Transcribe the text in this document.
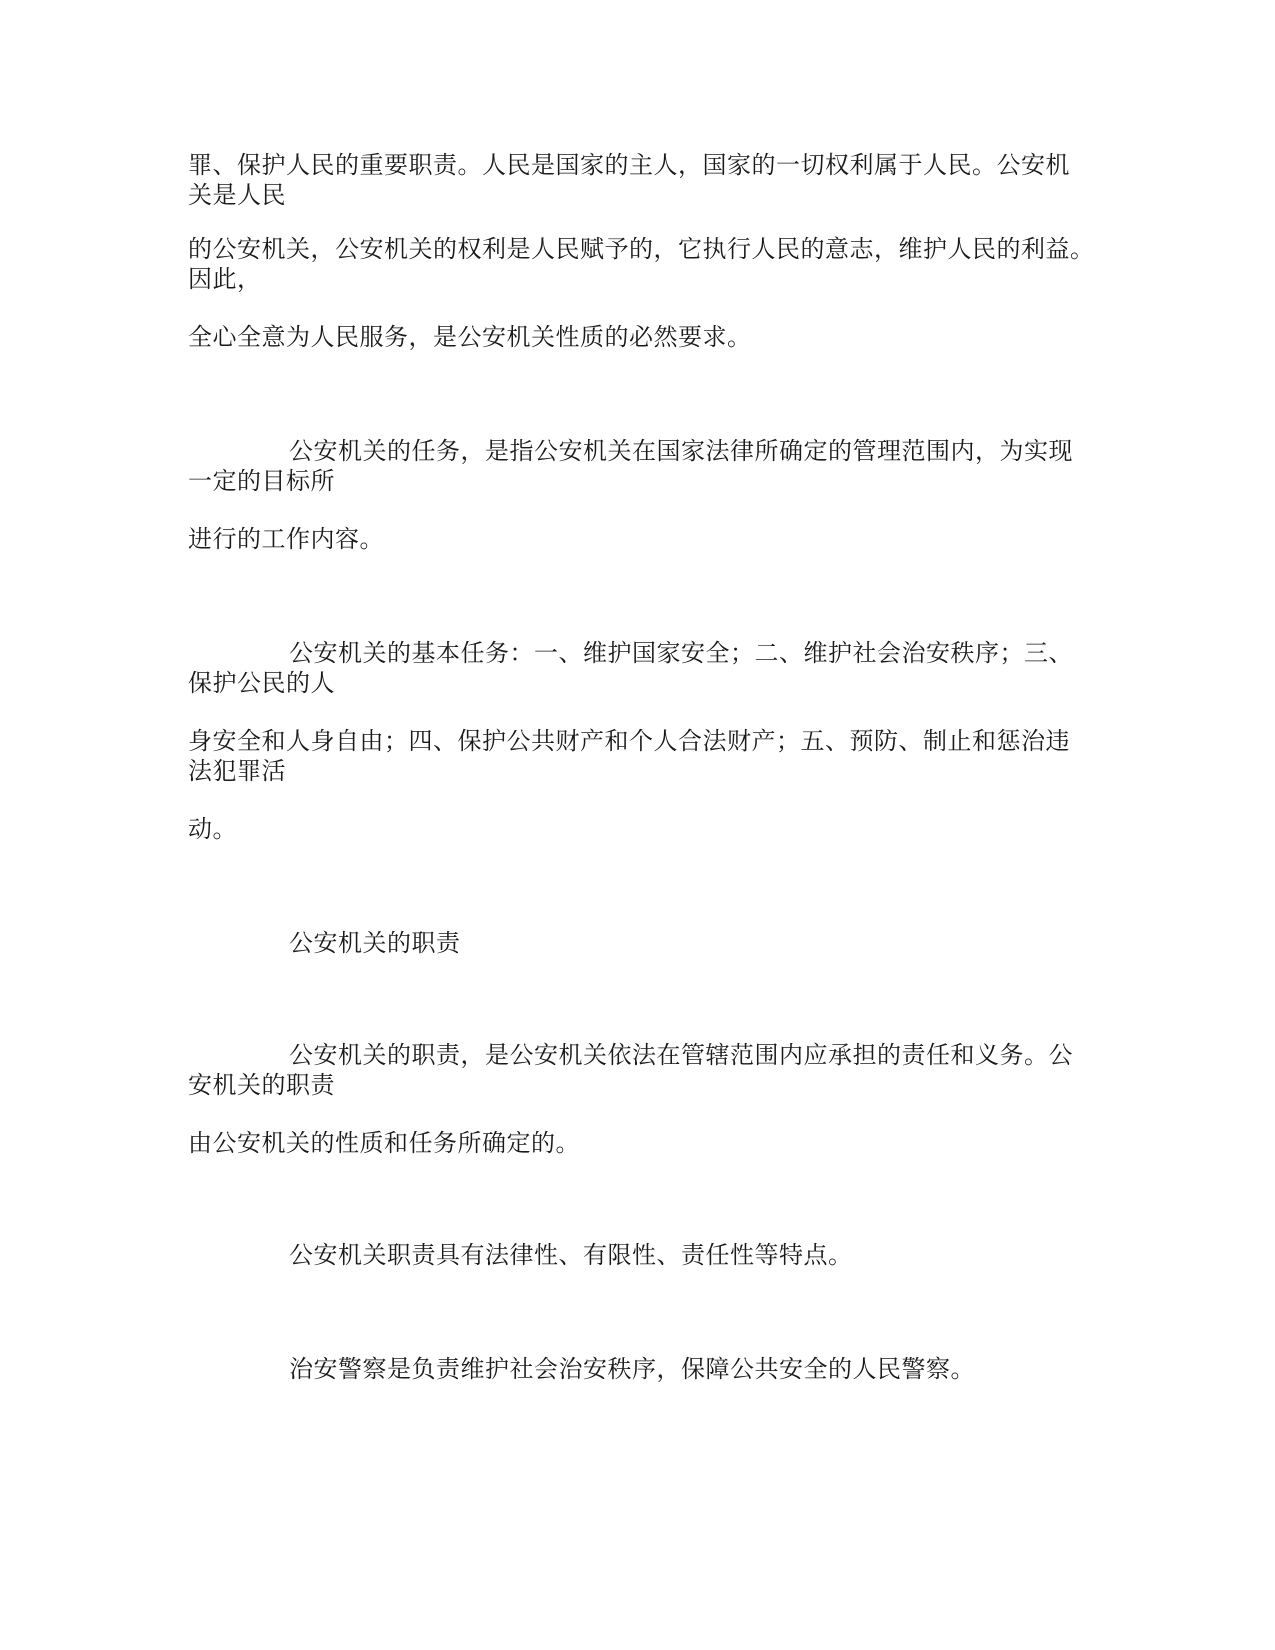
罪、保护人民的重要职责。人民是国家的主人，国家的一切权利属于人民。公安机
关是人民
的公安机关，公安机关的权利是人民赋予的，它执行人民的意志，维护人民的利益。
因此，
全心全意为人民服务，是公安机关性质的必然要求。
公安机关的任务，是指公安机关在国家法律所确定的管理范围内，为实现
一定的目标所
进行的工作内容。
公安机关的基本任务：一、维护国家安全；二、维护社会治安秩序；三、
保护公民的人
身安全和人身自由；四、保护公共财产和个人合法财产；五、预防、制止和惩治违
法犯罪活
动。
公安机关的职责
公安机关的职责，是公安机关依法在管辖范围内应承担的责任和义务。公
安机关的职责
由公安机关的性质和任务所确定的。
公安机关职责具有法律性、有限性、责任性等特点。
治安警察是负责维护社会治安秩序，保障公共安全的人民警察。
